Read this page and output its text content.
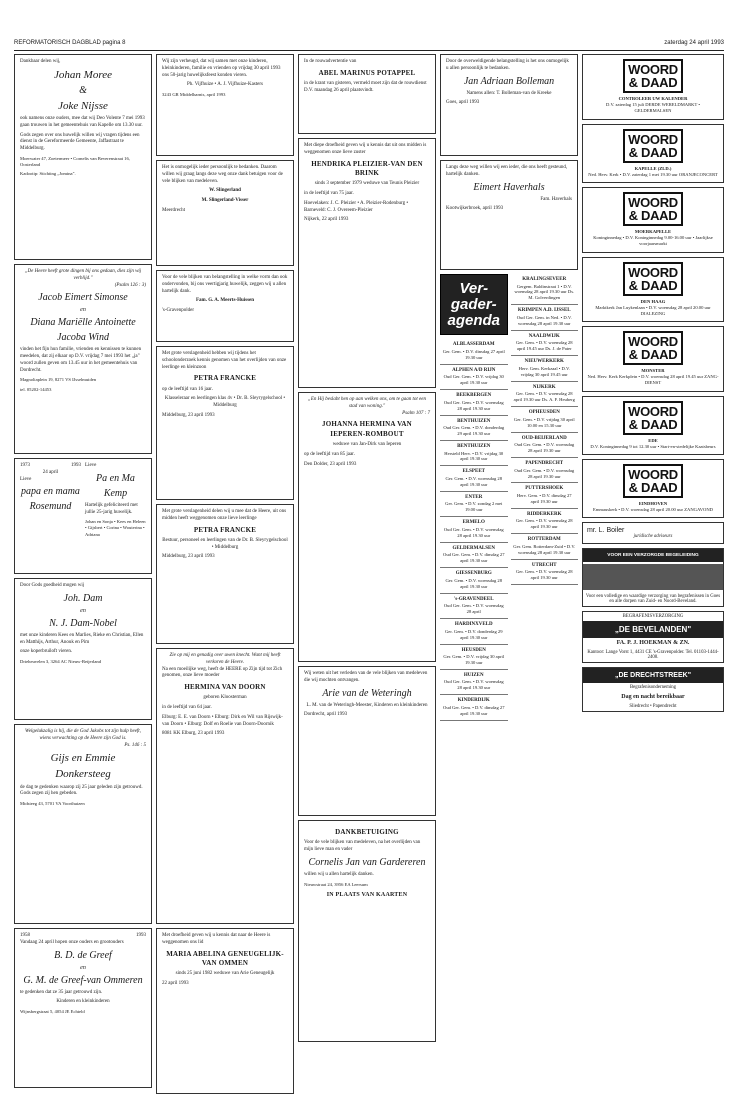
REFORMATORISCH DAGBLAD pagina 8	zaterdag 24 april 1993

Dankbaar delen wij,

Johan Moree
&
Joke Nijsse

ook namens onze ouders, mee dat wij Deo Volente 7 mei 1993 gaan trouwen in het gemeentehuis van Kapelle om 13.30 uur.

Gods zegen over ons huwelijk willen wij vragen tijdens een dienst in de Gereformeerde Gemeente, Jaffastraat te Middelburg.

Moerwater 47, Zoetermeer • Cornelis van Beverenstraat 16, Oosterland

Kadootip: Stichting „Jomina".

„De Heere heeft grote dingen bij ons gedaan, dies zijn wij verblijd."
(Psalm 126 : 3)
Jacob Eimert Simonse
en
Diana Mariëlle Antoinette
Jacoba Wind

vinden het fijn hun familie, vrienden en kennissen te kunnen meedelen, dat zij elkaar op D.V. vrijdag 7 mei 1993 het „ja" woord zullen geven om 13.45 uur in het gemeentehuis van Dordrecht.

Magnoliaplein 19, 8271 VS IJsselmuiden

tel. 05202-14453

1973	1993
24 april
Lieve
papa en mama
Rosemund
Lieve
Pa en Ma
Kemp

Hartelijk gefeliciteerd met jullie 25-jarig huwelijk.

Johan en Sonja • Kees en Heleen • Gijsbert • Corina • Wouterina • Adriana

Door Gods goedheid mogen wij

Joh. Dam
en
N. J. Dam-Nobel

met onze kinderen Kees en Marlies, Rieke en Christian, Ellen en Matthijs, Arthur, Anouk en Pim

onze koperbruiloft vieren.

Drieheuvelen 3, 3264 AC Nieuw-Beijerland

Welgelukzalig is hij, die de God Jakobs tot zijn hulp heeft, wiens verwachting op de Heere zijn God is.
Ps. 146 : 5
Gijs en Emmie
Donkersteeg

de dag te gedenken waarop zij 25 jaar geleden zijn getrouwd. Gods zegen zij hen gebeden.

Midsteeg 43, 5701 VA Voorthuizen

1958	1993

Vandaag 24 april hopen onze ouders en grootouders

B. D. de Greef
en
G. M. de Greef-van Ommeren

te gedenken dat ze 35 jaar getrouwd zijn.

Kinderen en kleinkinderen

Wijnsbergstraat 5, 4054 JE Echteld

Wij zijn verheugd, dat wij samen met onze kinderen, kleinkinderen, familie en vrienden op vrijdag 30 april 1993 ons 50-jarig huwelijksfeest konden vieren.

Ph. Vijfhuize • A. J. Vijfhuize-Kasters

3243 GR Middelharnis, april 1993

Het is onmogelijk ieder persoonlijk te bedanken. Daarom willen wij graag langs deze weg onze dank betuigen voor de vele blijken van medeleven.

W. Slingerland

M. Slingerland-Visser

Meerdrecht

Voor de vele blijken van belangstelling in welke vorm dan ook ondervonden, bij ons veertigjarig huwelijk, zeggen wij u allen hartelijk dank.

Fam. G. A. Meerts-Huissen

's-Gravenpolder

Met grote verslagenheid hebben wij tijdens het schoolonderzoek kennis genomen van het overlijden van onze leerlinge en kleinzoon

PETRA FRANCKE

op de leeftijd van 16 jaar.

Klasseleraar en leerlingen klas 4v • Dr. B. Sleyrygelschool • Middelburg

Middelburg, 23 april 1993

Met grote verslagenheid delen wij u mee dat de Heere, uit ons midden heeft weggenomen onze lieve leerlinge

PETRA FRANCKE

Bestuur, personeel en leerlingen van de Dr. B. Sleyrygelschool • Middelburg

Middelburg, 23 april 1993

Zie op mij en genadig over uwen knecht. Want mij heeft verkoren de Heere.

Na een moeilijke weg, heeft de HEERE op Zijn tijd tot Zich genomen, onze lieve moeder

HERMINA VAN DOORN

geboren Kloosterman

in de leeftijd van 64 jaar.

Elburg: E. E. van Doorn • Elburg: Dirk en Wil van Rijswijk-van Doorn • Elburg: Dolf en Roelie van Doorn-Doornik

8081 KK Elburg, 23 april 1993

Met droefheid geven wij u kennis dat naar de Heere is weggenomen ons lid

MARIA ABELINA GENEUGELIJK-VAN OMMEN

sinds 25 juni 1982 weduwe van Arie Geneugelijk

22 april 1993

In de rouwadvertentie van

ABEL MARINUS POTAPPEL

in de krant van gisteren, vermeld moet zijn dat de rouwdienst D.V. maandag 26 april plaatsvindt.

Met diepe droefheid geven wij u kennis dat uit ons midden is weggenomen onze lieve zuster

HENDRIKA PLEIZIER-VAN DEN BRINK

sinds 3 september 1979 weduwe van Teunis Pleizier

in de leeftijd van 75 jaar.

Hoevelaken: J. C. Pleizier • A. Pleizier-Rodenburg • Barneveld: C. J. Overeem-Pleizier

Nijkerk, 22 april 1993

„En Hij beslabt hen op aan welken ons, om te gaan tot een stad van woning."
Psalm 107 : 7
JOHANNA HERMINA VAN IEPEREN-ROMBOUT

weduwe van Jan-Dirk van Ieperen

op de leeftijd van 85 jaar.

Den Dolder, 23 april 1993

Wij weten uit het verleden van de vele blijken van medeleven die wij mochten ontvangen.

Arie van de Weteringh

L. M. van de Weteringh-Meester, Kinderen en kleinkinderen

Dordrecht, april 1993

DANKBETUIGING

Voor de vele blijken van medeleven, na het overlijden van mijn lieve man en vader

Cornelis Jan van Gardereren

willen wij u allen hartelijk danken.

Nieuwstraat 24, 3956 EA Leersum

IN PLAATS VAN KAARTEN

Door de overweldigende belangstelling is het ons onmogelijk u allen persoonlijk te bedanken.

Jan Adriaan Bolleman

Namens allen: T. Bolleman-van de Kreeke

Goes, april 1993

Langs deze weg willen wij een ieder, die ons heeft gesteund, hartelijk danken.

Eimert Haverhals

Fam. Haverhals

Kootwijkerbroek, april 1993

Ver-
gader-
agenda
ALBLASSERDAM
Ger. Gem. • D.V. dinsdag 27 april 19.30 uur
ALPHEN A/D RIJN
Oud Ger. Gem. • D.V. vrijdag 30 april 19.30 uur
BEEKBERGEN
Oud Ger. Gem. • D.V. woensdag 28 april 19.30 uur
BENTHUIZEN
Oud Ger. Gem. • D.V. donderdag 29 april 19.30 uur
BENTHUIZEN
Hersteld Herv. • D.V. vrijdag 30 april 19.30 uur
ELSPEET
Ger. Gem. • D.V. woensdag 28 april 19.30 uur
ENTER
Ger. Gem. • D.V. zondag 2 mei 19.00 uur
ERMELO
Oud Ger. Gem. • D.V. woensdag 28 april 19.30 uur
GELDERMALSEN
Oud Ger. Gem. • D.V. dinsdag 27 april 19.30 uur
GIESSENBURG
Ger. Gem. • D.V. woensdag 28 april 19.30 uur
's-GRAVENDEEL
Oud Ger. Gem. • D.V. woensdag 28 april
HARDINXVELD
Ger. Gem. • D.V. donderdag 29 april 19.30 uur
HEUSDEN
Ger. Gem. • D.V. vrijdag 30 april 19.30 uur
HUIZEN
Oud Ger. Gem. • D.V. woensdag 28 april 19.30 uur
KINDERDIJK
Oud Ger. Gem. • D.V. dinsdag 27 april 19.30 uur
KRALINGSEVEER
Gergem. Baldinstraat 1 • D.V. woensdag 28 april 19.30 uur Ds. M. Golverdingen
KRIMPEN A.D. IJSSEL
Oud Ger. Gem. in Ned. • D.V. woensdag 28 april 19.30 uur
NAALDWIJK
Ger. Gem. • D.V. woensdag 28 april 19.45 uur Ds. J. de Pater
NIEUWERKERK
Herv. Gem. Kerkzaal • D.V. vrijdag 30 april 19.45 uur
NIJKERK
Ger. Gem. • D.V. woensdag 28 april 19.30 uur Ds. A. F. Heuberg
OPHEUSDEN
Ger. Gem. • D.V. vrijdag 30 april 10.00 en 15.30 uur
OUD-BEIJERLAND
Oud Ger. Gem. • D.V. woensdag 28 april 19.30 uur
PAPENDRECHT
Oud Ger. Gem. • D.V. woensdag 28 april 19.30 uur
PUTTERSHOEK
Herv. Gem. • D.V. dinsdag 27 april 19.30 uur
RIDDERKERK
Ger. Gem. • D.V. woensdag 28 april 19.30 uur
ROTTERDAM
Ger. Gem. Rotterdam-Zuid • D.V. woensdag 28 april 19.30 uur
UTRECHT
Ger. Gem. • D.V. woensdag 28 april 19.30 uur
WOORD
& DAAD
CONTROLEER UW KALENDER
D.V. zaterdag 15 juli DERDE WERELDMARKT • GELDERMALSEN
WOORD
& DAAD
KAPELLE (ZLD.)
Ned. Herv. Kerk • D.V. zaterdag 1 mei 19.30 uur ORANJECONCERT
WOORD
& DAAD
MOERKAPELLE
Koninginnedag • D.V. Koninginnedag 9.00-16.00 uur • Jaarlijkse voorjaarsmarkt
WOORD
& DAAD
DEN HAAG
Marktkerk Jan Luykenlaan • D.V. woensdag 28 april 20.00 uur DIALEZING
WOORD
& DAAD
MONSTER
Ned. Herv. Kerk Kerkplein • D.V. woensdag 28 april 19.45 uur ZANG-DIENST
WOORD
& DAAD
EDE
D.V. Koninginnedag 9 tot 12.30 uur • Start-en-stedelijke Kaatsbeurs
WOORD
& DAAD
EINDHOVEN
Emmauskerk • D.V. woensdag 28 april 20.00 uur ZANGAVOND
mr. L. Boiler
juridische adviseurs
VOOR EEN VERZORGDE BEGELEIDING
Voor een volledige en waardige verzorging van begrafenissen in Goes en alle dorpen van Zuid- en Noord-Beveland.
BEGRAFENISVERZORGING
„DE BEVELANDEN"
FA. P. J. HOEKMAN & ZN.
Kantoor: Lange Vorst 1, 4431 CE 's-Gravenpolder. Tel. 01103-1444-2408.
„DE DRECHTSTREEK"
Begrafenisonderneming
Dag en nacht bereikbaar
Sliedrecht • Papendrecht
